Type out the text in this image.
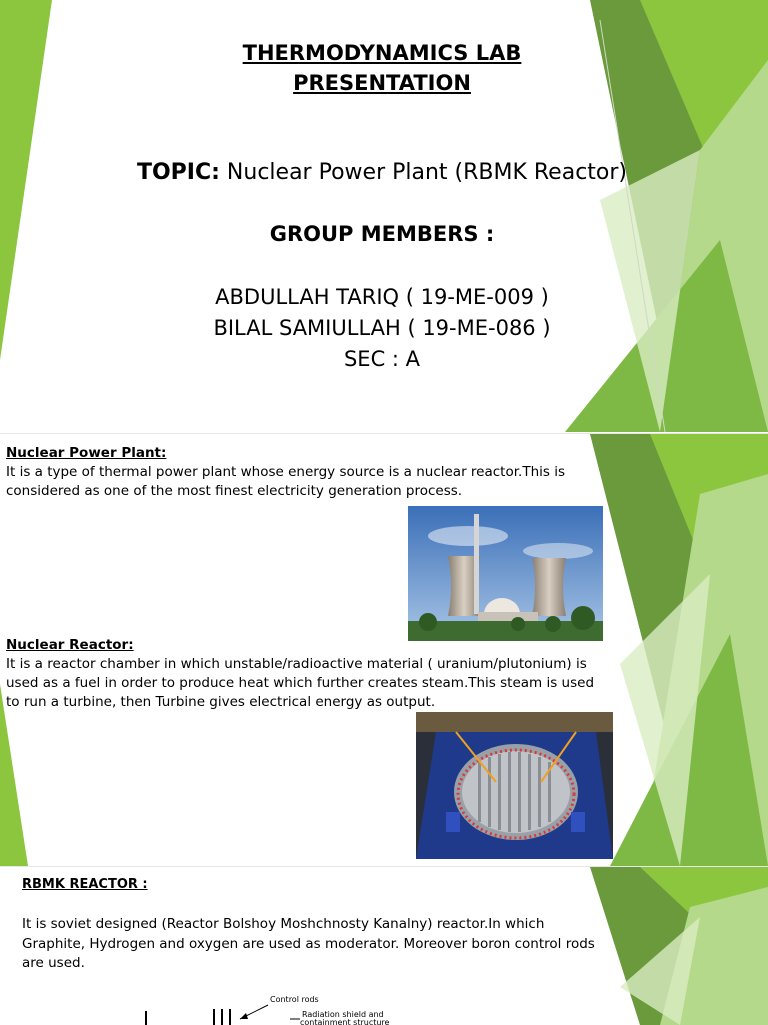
THERMODYNAMICS LAB
PRESENTATION
TOPIC: Nuclear Power Plant (RBMK Reactor)
GROUP MEMBERS :
ABDULLAH TARIQ ( 19-ME-009 )
BILAL SAMIULLAH ( 19-ME-086 )
SEC : A
Nuclear Power Plant:
It is a type of thermal power plant whose energy source is a nuclear reactor.This is considered as one of the most finest electricity generation process.
Nuclear Reactor:
It is a reactor chamber in which unstable/radioactive material ( uranium/plutonium) is used as a fuel in order to produce heat which further creates steam.This steam is used to run a turbine, then Turbine gives electrical energy as output.
RBMK REACTOR :
It is soviet designed (Reactor Bolshoy Moshchnosty Kanalny) reactor.In which Graphite, Hydrogen and oxygen are used as moderator. Moreover boron control rods are used.
Control rods
Radiation shield and
containment structure
